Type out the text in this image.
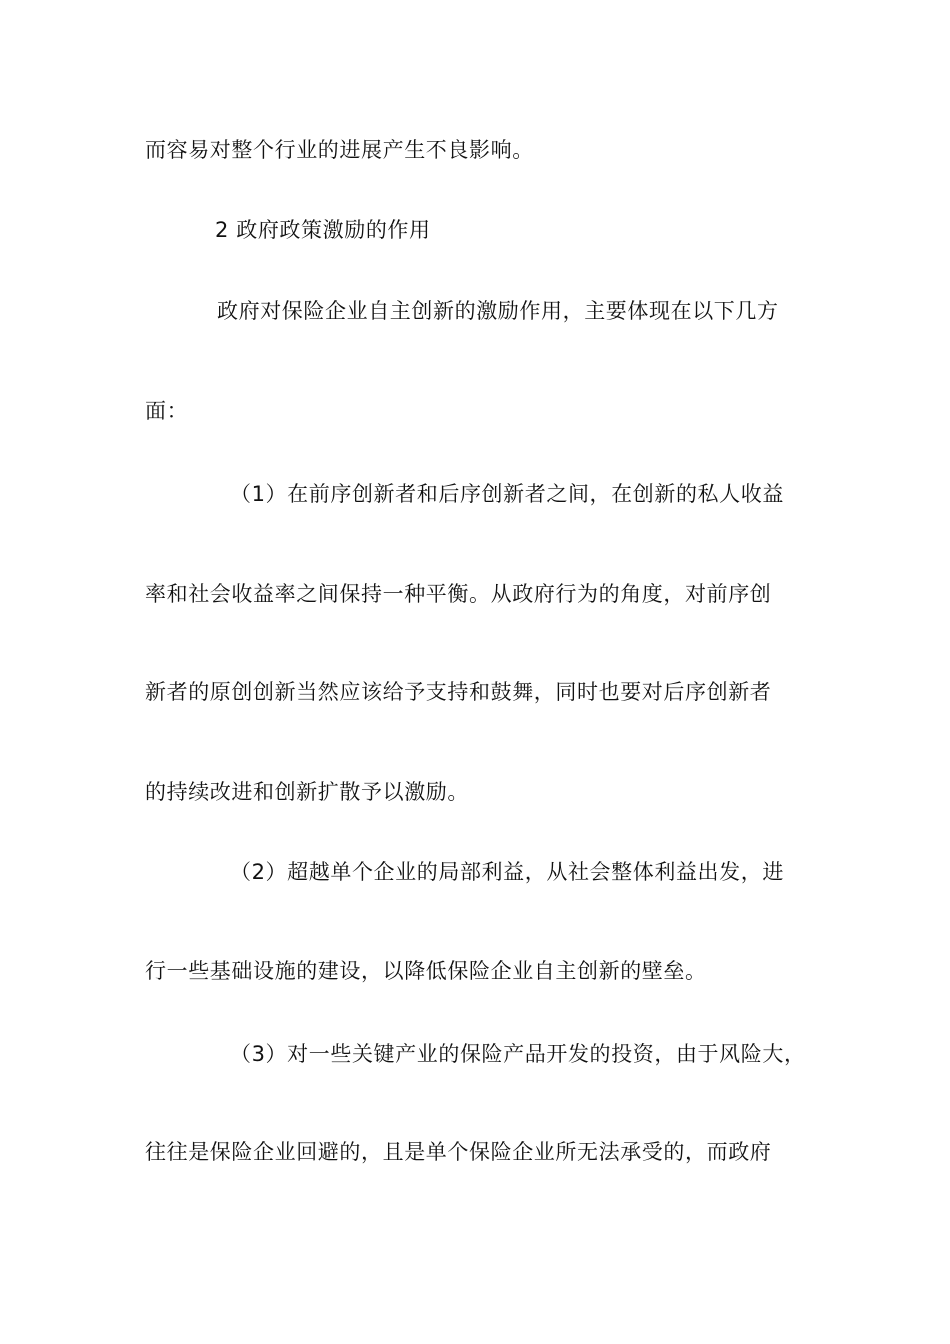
而容易对整个行业的进展产生不良影响。
2 政府政策激励的作用
政府对保险企业自主创新的激励作用，主要体现在以下几方
面：
（1）在前序创新者和后序创新者之间，在创新的私人收益
率和社会收益率之间保持一种平衡。从政府行为的角度，对前序创
新者的原创创新当然应该给予支持和鼓舞，同时也要对后序创新者
的持续改进和创新扩散予以激励。
（2）超越单个企业的局部利益，从社会整体利益出发，进
行一些基础设施的建设，以降低保险企业自主创新的壁垒。
（3）对一些关键产业的保险产品开发的投资，由于风险大，
往往是保险企业回避的，且是单个保险企业所无法承受的，而政府
